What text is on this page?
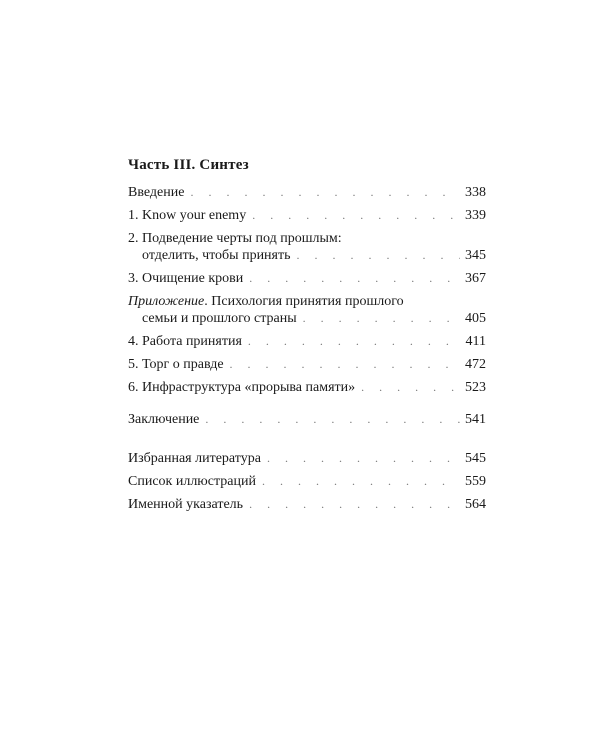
Часть III. Синтез
Введение . . .	338
1. Know your enemy . . .	339
2. Подведение черты под прошлым:
отделить, чтобы принять . . .	345
3. Очищение крови . . .	367
Приложение. Психология принятия прошлого
семьи и прошлого страны . . .	405
4. Работа принятия . . .	411
5. Торг о правде . . .	472
6. Инфраструктура «прорыва памяти» . . .	523
Заключение . . .	541
Избранная литература . . .	545
Список иллюстраций . . .	559
Именной указатель . . .	564
